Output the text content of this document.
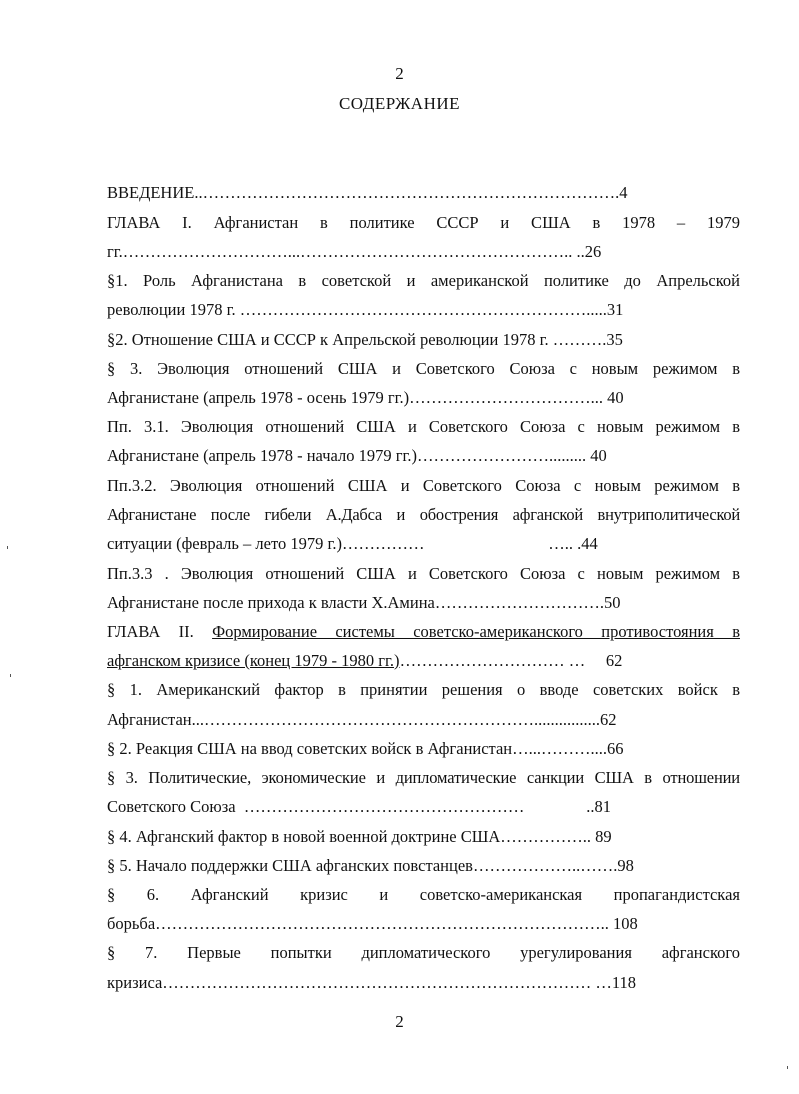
2
СОДЕРЖАНИЕ
ВВЕДЕНИЕ..………………………………………………………………….4
ГЛАВА I. Афганистан в политике СССР и США в 1978 – 1979
гг.…………………………...………………………………………….. ..26
§1. Роль Афганистана в советской и американской политике до Апрельской
революции 1978 г. ……………………………………………………….....31
§2. Отношение США и СССР к Апрельской революции 1978 г. ……….35
§ 3. Эволюция отношений США и Советского Союза с новым режимом в
Афганистане (апрель 1978 - осень 1979 гг.)……………………………... 40
Пп. 3.1. Эволюция отношений США и Советского Союза с новым режимом в
Афганистане (апрель 1978 - начало 1979 гг.)……………………......... 40
Пп.3.2. Эволюция отношений США и Советского Союза с новым режимом в
Афганистане после гибели А.Дабса и обострения афганской внутриполитической
ситуации (февраль – лето 1979 г.)……………                              ….. .44
Пп.3.3 . Эволюция отношений США и Советского Союза с новым режимом в
Афганистане после прихода к власти Х.Амина………………………….50
ГЛАВА II. Формирование системы советско-американского противостояния в
афганском кризисе (конец 1979 - 1980 гг.)………………………… …     62
§ 1. Американский фактор в принятии решения о вводе советских войск в
Афганистан...……………………………………………………................62
§ 2. Реакция США на ввод советских войск в Афганистан…...………....66
§ 3. Политические, экономические и дипломатические санкции США в отношении
Советского Союза  ……………………………………………               ..81
§ 4. Афганский фактор в новой военной доктрине США…………….. 89
§ 5. Начало поддержки США афганских повстанцев………………..…….98
§ 6. Афганский кризис и советско-американская пропагандистская
борьба……………………………………………………………………….. 108
§ 7. Первые попытки дипломатического урегулирования афганского
кризиса…………………………………………………………………… …118
2
